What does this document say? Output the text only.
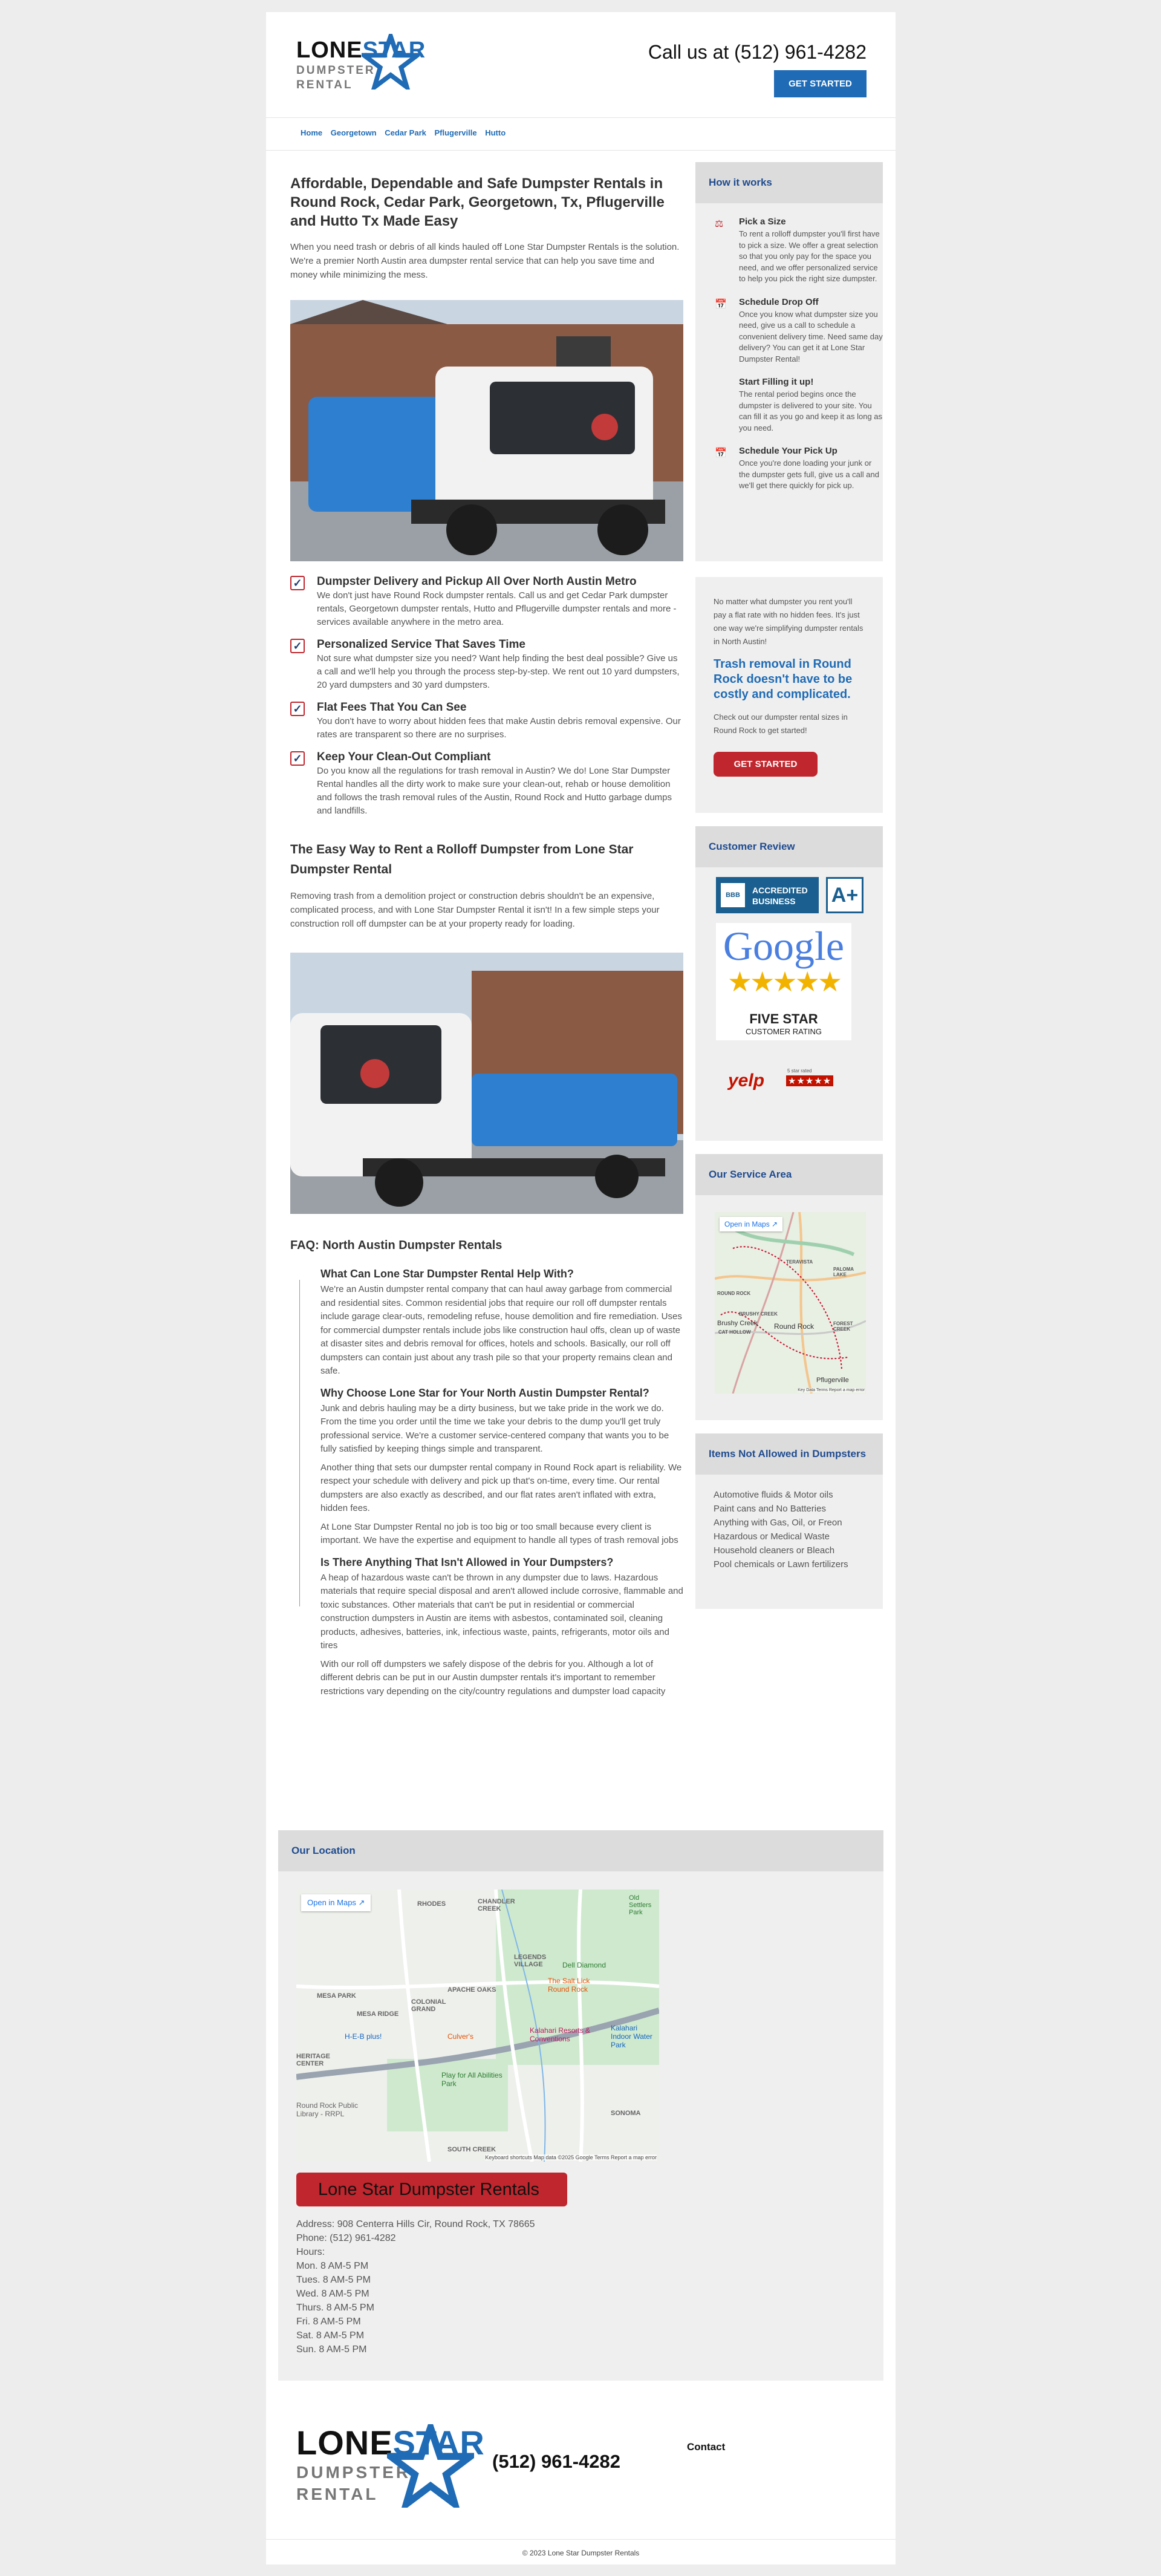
LONESTAR
DUMPSTER
RENTAL
Call us at (512) 961-4282
GET STARTED
Home Georgetown Cedar Park Pflugerville Hutto
Affordable, Dependable and Safe Dumpster Rentals in Round Rock, Cedar Park, Georgetown, Tx, Pflugerville and Hutto Tx Made Easy

When you need trash or debris of all kinds hauled off Lone Star Dumpster Rentals is the solution. We're a premier North Austin area dumpster rental service that can help you save time and money while minimizing the mess.

✓ Dumpster Delivery and Pickup All Over North Austin Metro

We don't just have Round Rock dumpster rentals. Call us and get Cedar Park dumpster rentals, Georgetown dumpster rentals, Hutto and Pflugerville dumpster rentals and more - services available anywhere in the metro area.

✓ Personalized Service That Saves Time

Not sure what dumpster size you need? Want help finding the best deal possible? Give us a call and we'll help you through the process step-by-step. We rent out 10 yard dumpsters, 20 yard dumpsters and 30 yard dumpsters.

✓ Flat Fees That You Can See

You don't have to worry about hidden fees that make Austin debris removal expensive. Our rates are transparent so there are no surprises.

✓ Keep Your Clean-Out Compliant

Do you know all the regulations for trash removal in Austin? We do! Lone Star Dumpster Rental handles all the dirty work to make sure your clean-out, rehab or house demolition and follows the trash removal rules of the Austin, Round Rock and Hutto garbage dumps and landfills.

The Easy Way to Rent a Rolloff Dumpster from Lone Star Dumpster Rental

Removing trash from a demolition project or construction debris shouldn't be an expensive, complicated process, and with Lone Star Dumpster Rental it isn't! In a few simple steps your construction roll off dumpster can be at your property ready for loading.

FAQ: North Austin Dumpster Rentals
What Can Lone Star Dumpster Rental Help With?

We're an Austin dumpster rental company that can haul away garbage from commercial and residential sites. Common residential jobs that require our roll off dumpster rentals include garage clear-outs, remodeling refuse, house demolition and fire remediation. Uses for commercial dumpster rentals include jobs like construction haul offs, clean up of waste at disaster sites and debris removal for offices, hotels and schools. Basically, our roll off dumpsters can contain just about any trash pile so that your property remains clean and safe.

Why Choose Lone Star for Your North Austin Dumpster Rental?

Junk and debris hauling may be a dirty business, but we take pride in the work we do. From the time you order until the time we take your debris to the dump you'll get truly professional service. We're a customer service-centered company that wants you to be fully satisfied by keeping things simple and transparent.

Another thing that sets our dumpster rental company in Round Rock apart is reliability. We respect your schedule with delivery and pick up that's on-time, every time. Our rental dumpsters are also exactly as described, and our flat rates aren't inflated with extra, hidden fees.

At Lone Star Dumpster Rental no job is too big or too small because every client is important. We have the expertise and equipment to handle all types of trash removal jobs

Is There Anything That Isn't Allowed in Your Dumpsters?

A heap of hazardous waste can't be thrown in any dumpster due to laws. Hazardous materials that require special disposal and aren't allowed include corrosive, flammable and toxic substances. Other materials that can't be put in residential or commercial construction dumpsters in Austin are items with asbestos, contaminated soil, cleaning products, adhesives, batteries, ink, infectious waste, paints, refrigerants, motor oils and tires

With our roll off dumpsters we safely dispose of the debris for you. Although a lot of different debris can be put in our Austin dumpster rentals it's important to remember restrictions vary depending on the city/country regulations and dumpster load capacity

How it works
⚖	Pick a Size

To rent a rolloff dumpster you'll first have to pick a size. We offer a great selection so that you only pay for the space you need, and we offer personalized service to help you pick the right size dumpster.

📅 Schedule Drop Off

Once you know what dumpster size you need, give us a call to schedule a convenient delivery time. Need same day delivery? You can get it at Lone Star Dumpster Rental!

Start Filling it up!

The rental period begins once the dumpster is delivered to your site. You can fill it as you go and keep it as long as you need.

📅 Schedule Your Pick Up

Once you're done loading your junk or the dumpster gets full, give us a call and we'll get there quickly for pick up.

No matter what dumpster you rent you'll pay a flat rate with no hidden fees. It's just one way we're simplifying dumpster rentals in North Austin!

Trash removal in Round Rock doesn't have to be costly and complicated.

Check out our dumpster rental sizes in Round Rock to get started!

GET STARTED
Customer Review
BBB	ACCREDITED
BUSINESS A+
Google
★★★★★
FIVE STAR
CUSTOMER RATING
yelp	5 star rated
★★★★★
Our Service Area
Open in Maps ↗
TERAVISTA
PALOMA LAKE
ROUND ROCK
BRUSHY CREEK
CAT HOLLOW
Round Rock	FOREST CREEK
Brushy Creek
Pflugerville
Key Data Terms Report a map error
Items Not Allowed in Dumpsters
Automotive fluids & Motor oils
Paint cans and No Batteries
Anything with Gas, Oil, or Freon
Hazardous or Medical Waste
Household cleaners or Bleach
Pool chemicals or Lawn fertilizers
Our Location
Open in Maps ↗	RHODES	CHANDLER CREEK
Old Settlers Park
LEGENDS VILLAGE	Dell Diamond
APACHE OAKS
MESA PARK
MESA RIDGE
COLONIAL GRAND
H-E-B plus!	Culver's
The Salt Lick Round Rock
Kalahari Resorts & Conventions
Kalahari Indoor Water Park
HERITAGE CENTER
Play for All Abilities Park
Round Rock Public Library - RRPL	SONOMA
SOUTH CREEK
Keyboard shortcuts Map data ©2025 Google Terms Report a map error
Lone Star Dumpster Rentals
Address: 908 Centerra Hills Cir, Round Rock, TX 78665
Phone: (512) 961-4282
Hours:
Mon. 8 AM-5 PM
Tues. 8 AM-5 PM
Wed. 8 AM-5 PM
Thurs. 8 AM-5 PM
Fri. 8 AM-5 PM
Sat. 8 AM-5 PM
Sun. 8 AM-5 PM
LONESTAR
DUMPSTER
RENTAL
(512) 961-4282
Contact
© 2023 Lone Star Dumpster Rentals
